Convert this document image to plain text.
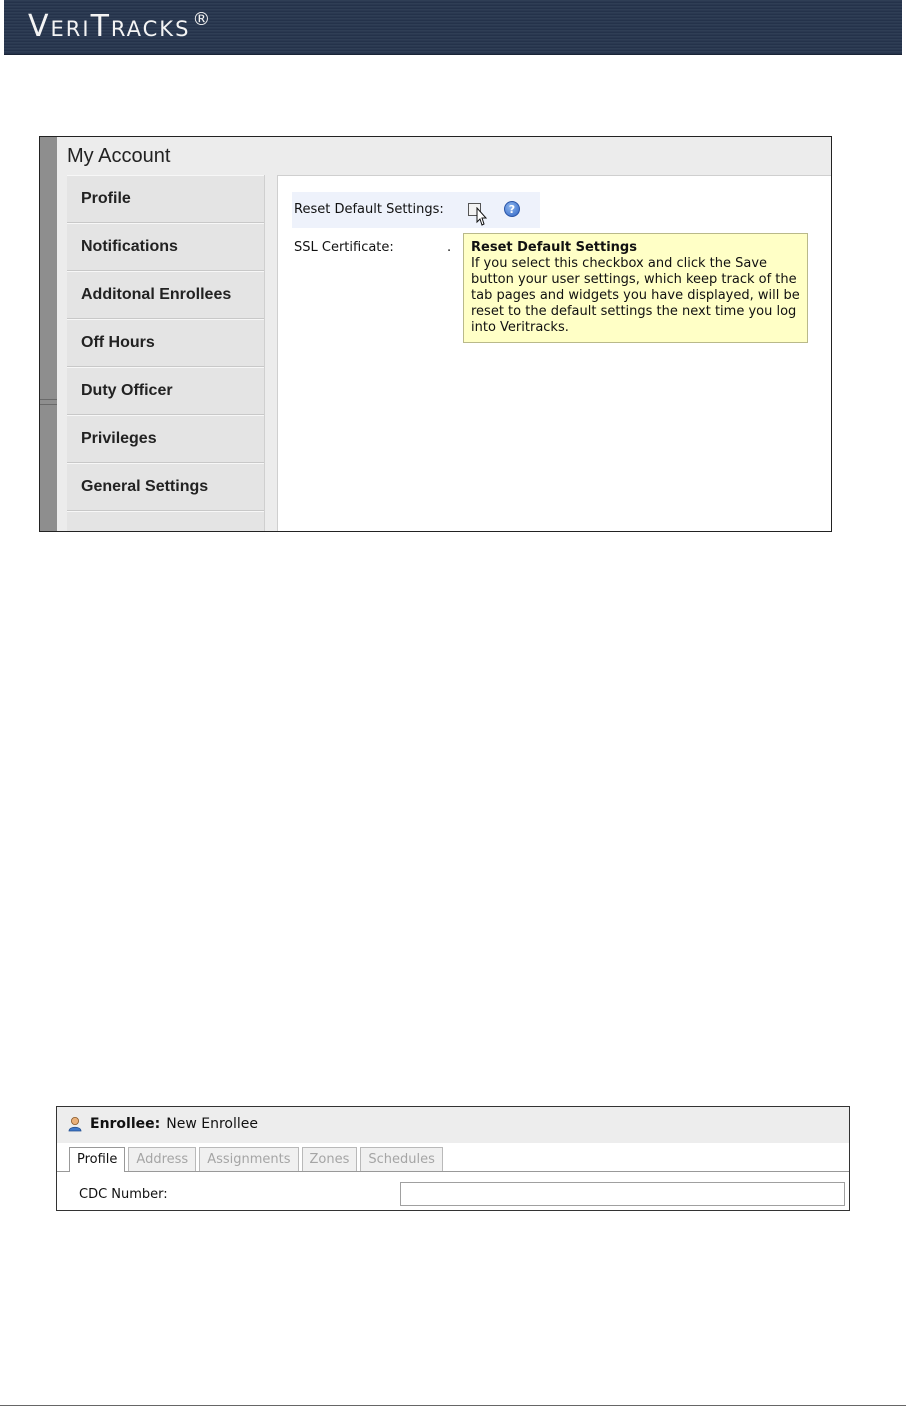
VeriTracks ®
My Account
Profile
Notifications
Additonal Enrollees
Off Hours
Duty Officer
Privileges
General Settings
Reset Default Settings:	?
SSL Certificate:	. Reset Default Settings
If you select this checkbox and click the Save button your user settings, which keep track of the tab pages and widgets you have displayed, will be reset to the default settings the next time you log into Veritracks.
Enrollee: New Enrollee
Profile	Address	Assignments	Zones	Schedules
CDC Number:
